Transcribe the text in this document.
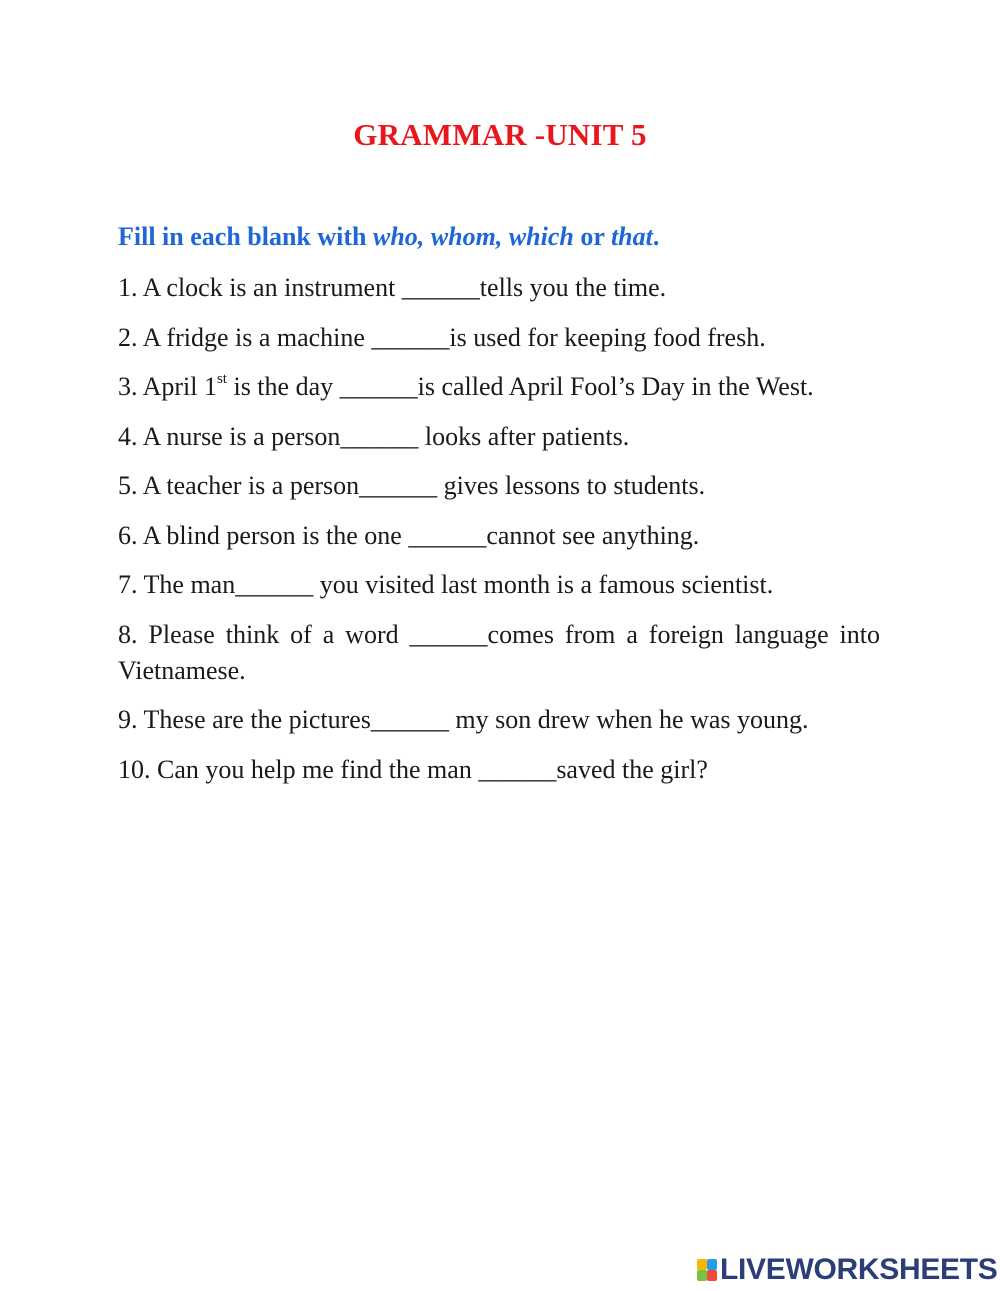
GRAMMAR -UNIT 5
Fill in each blank with who, whom, which or that.

1. A clock is an instrument ______tells you the time.

2. A fridge is a machine ______is used for keeping food fresh.

3. April 1st is the day ______is called April Fool’s Day in the West.

4. A nurse is a person______ looks after patients.

5. A teacher is a person______ gives lessons to students.

6. A blind person is the one ______cannot see anything.

7. The man______ you visited last month is a famous scientist.

8. Please think of a word ______comes from a foreign language into Vietnamese.

9. These are the pictures______ my son drew when he was young.

10. Can you help me find the man ______saved the girl?

LIVEWORKSHEETS
